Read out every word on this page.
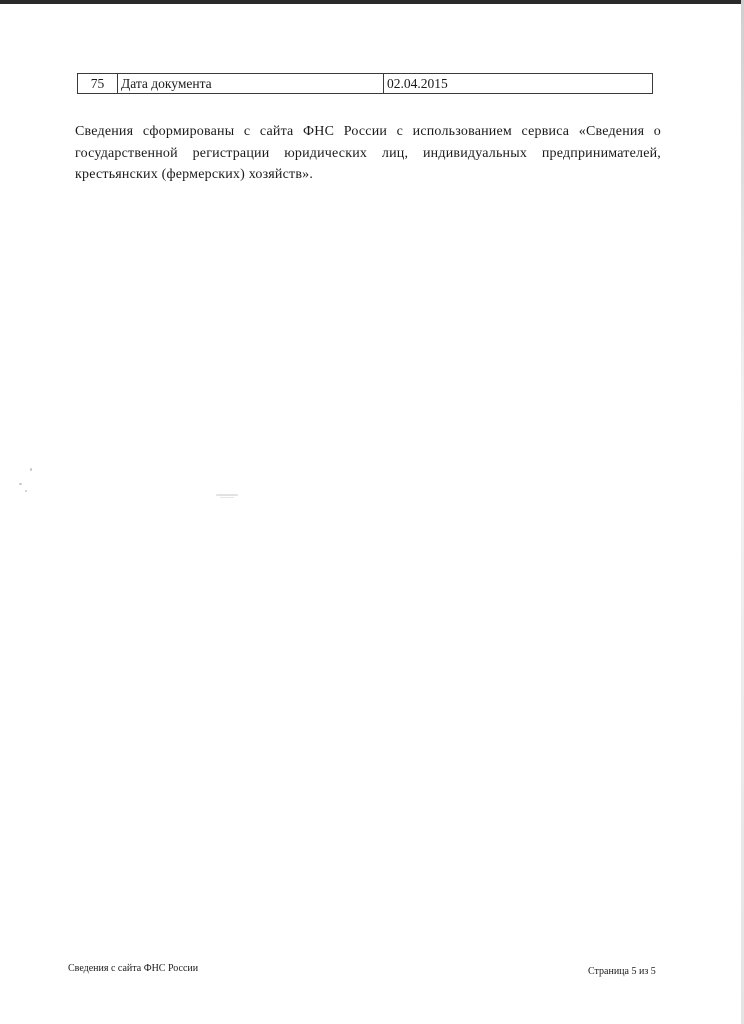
75	Дата документа	02.04.2015

Сведения сформированы с сайта ФНС России с использованием сервиса «Сведения о государственной регистрации юридических лиц, индивидуальных предпринимателей, крестьянских (фермерских) хозяйств».

Сведения с сайта ФНС России	Страница 5 из 5
